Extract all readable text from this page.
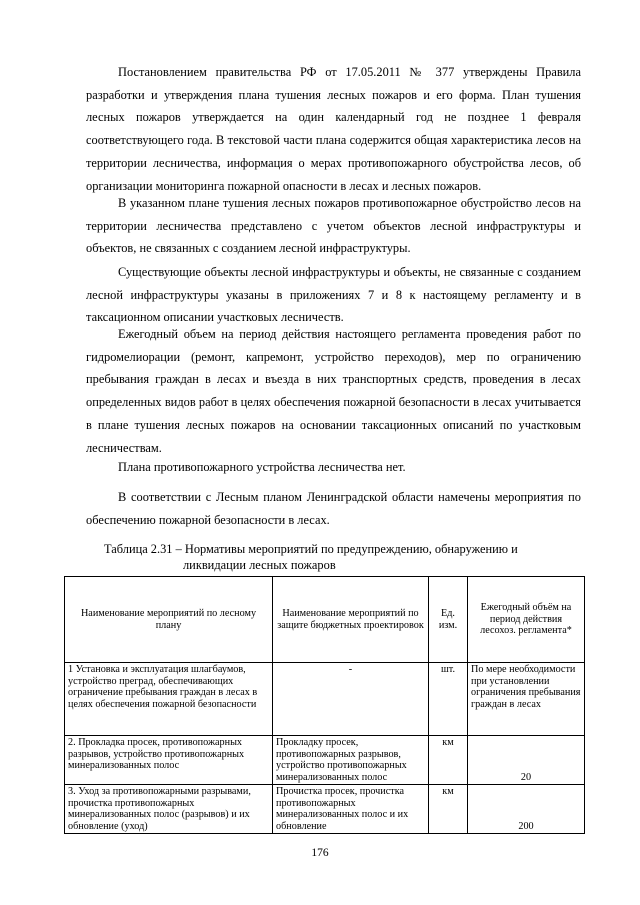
Постановлением правительства РФ от 17.05.2011 № 377 утверждены Правила разработки и утверждения плана тушения лесных пожаров и его форма. План тушения лесных пожаров утверждается на один календарный год не позднее 1 февраля соответствующего года. В текстовой части плана содержится общая характеристика лесов на территории лесничества, информация о мерах противопожарного обустройства лесов, об организации мониторинга пожарной опасности в лесах и лесных пожаров.

В указанном плане тушения лесных пожаров противопожарное обустройство лесов на территории лесничества представлено с учетом объектов лесной инфраструктуры и объектов, не связанных с созданием лесной инфраструктуры.

Существующие объекты лесной инфраструктуры и объекты, не связанные с созданием лесной инфраструктуры указаны в приложениях 7 и 8 к настоящему регламенту и в таксационном описании участковых лесничеств.

Ежегодный объем на период действия настоящего регламента проведения работ по гидромелиорации (ремонт, капремонт, устройство переходов), мер по ограничению пребывания граждан в лесах и въезда в них транспортных средств, проведения в лесах определенных видов работ в целях обеспечения пожарной безопасности в лесах учитывается в плане тушения лесных пожаров на основании таксационных описаний по участковым лесничествам.

Плана противопожарного устройства лесничества нет.

В соответствии с Лесным планом Ленинградской области намечены мероприятия по обеспечению пожарной безопасности в лесах.

Таблица 2.31 – Нормативы мероприятий по предупреждению, обнаружению и
ликвидации лесных пожаров
Наименование мероприятий по лесному плану	Наименование мероприятий по защите бюджетных проектировок	Ед. изм.	Ежегодный объём на период действия лесохоз. регламента*
1 Установка и эксплуатация шлагбаумов, устройство преград, обеспечивающих ограничение пребывания граждан в лесах в целях обеспечения пожарной безопасности	-	шт.	По мере необходимости при установлении ограничения пребывания граждан в лесах
2. Прокладка просек, противопожарных разрывов, устройство противопожарных минерализованных полос	Прокладку просек, противопожарных разрывов, устройство противопожарных минерализованных полос	км	20
3. Уход за противопожарными разрывами, прочистка противопожарных минерализованных полос (разрывов) и их обновление (уход)	Прочистка просек, прочистка противопожарных минерализованных полос и их обновление	км	200
176
